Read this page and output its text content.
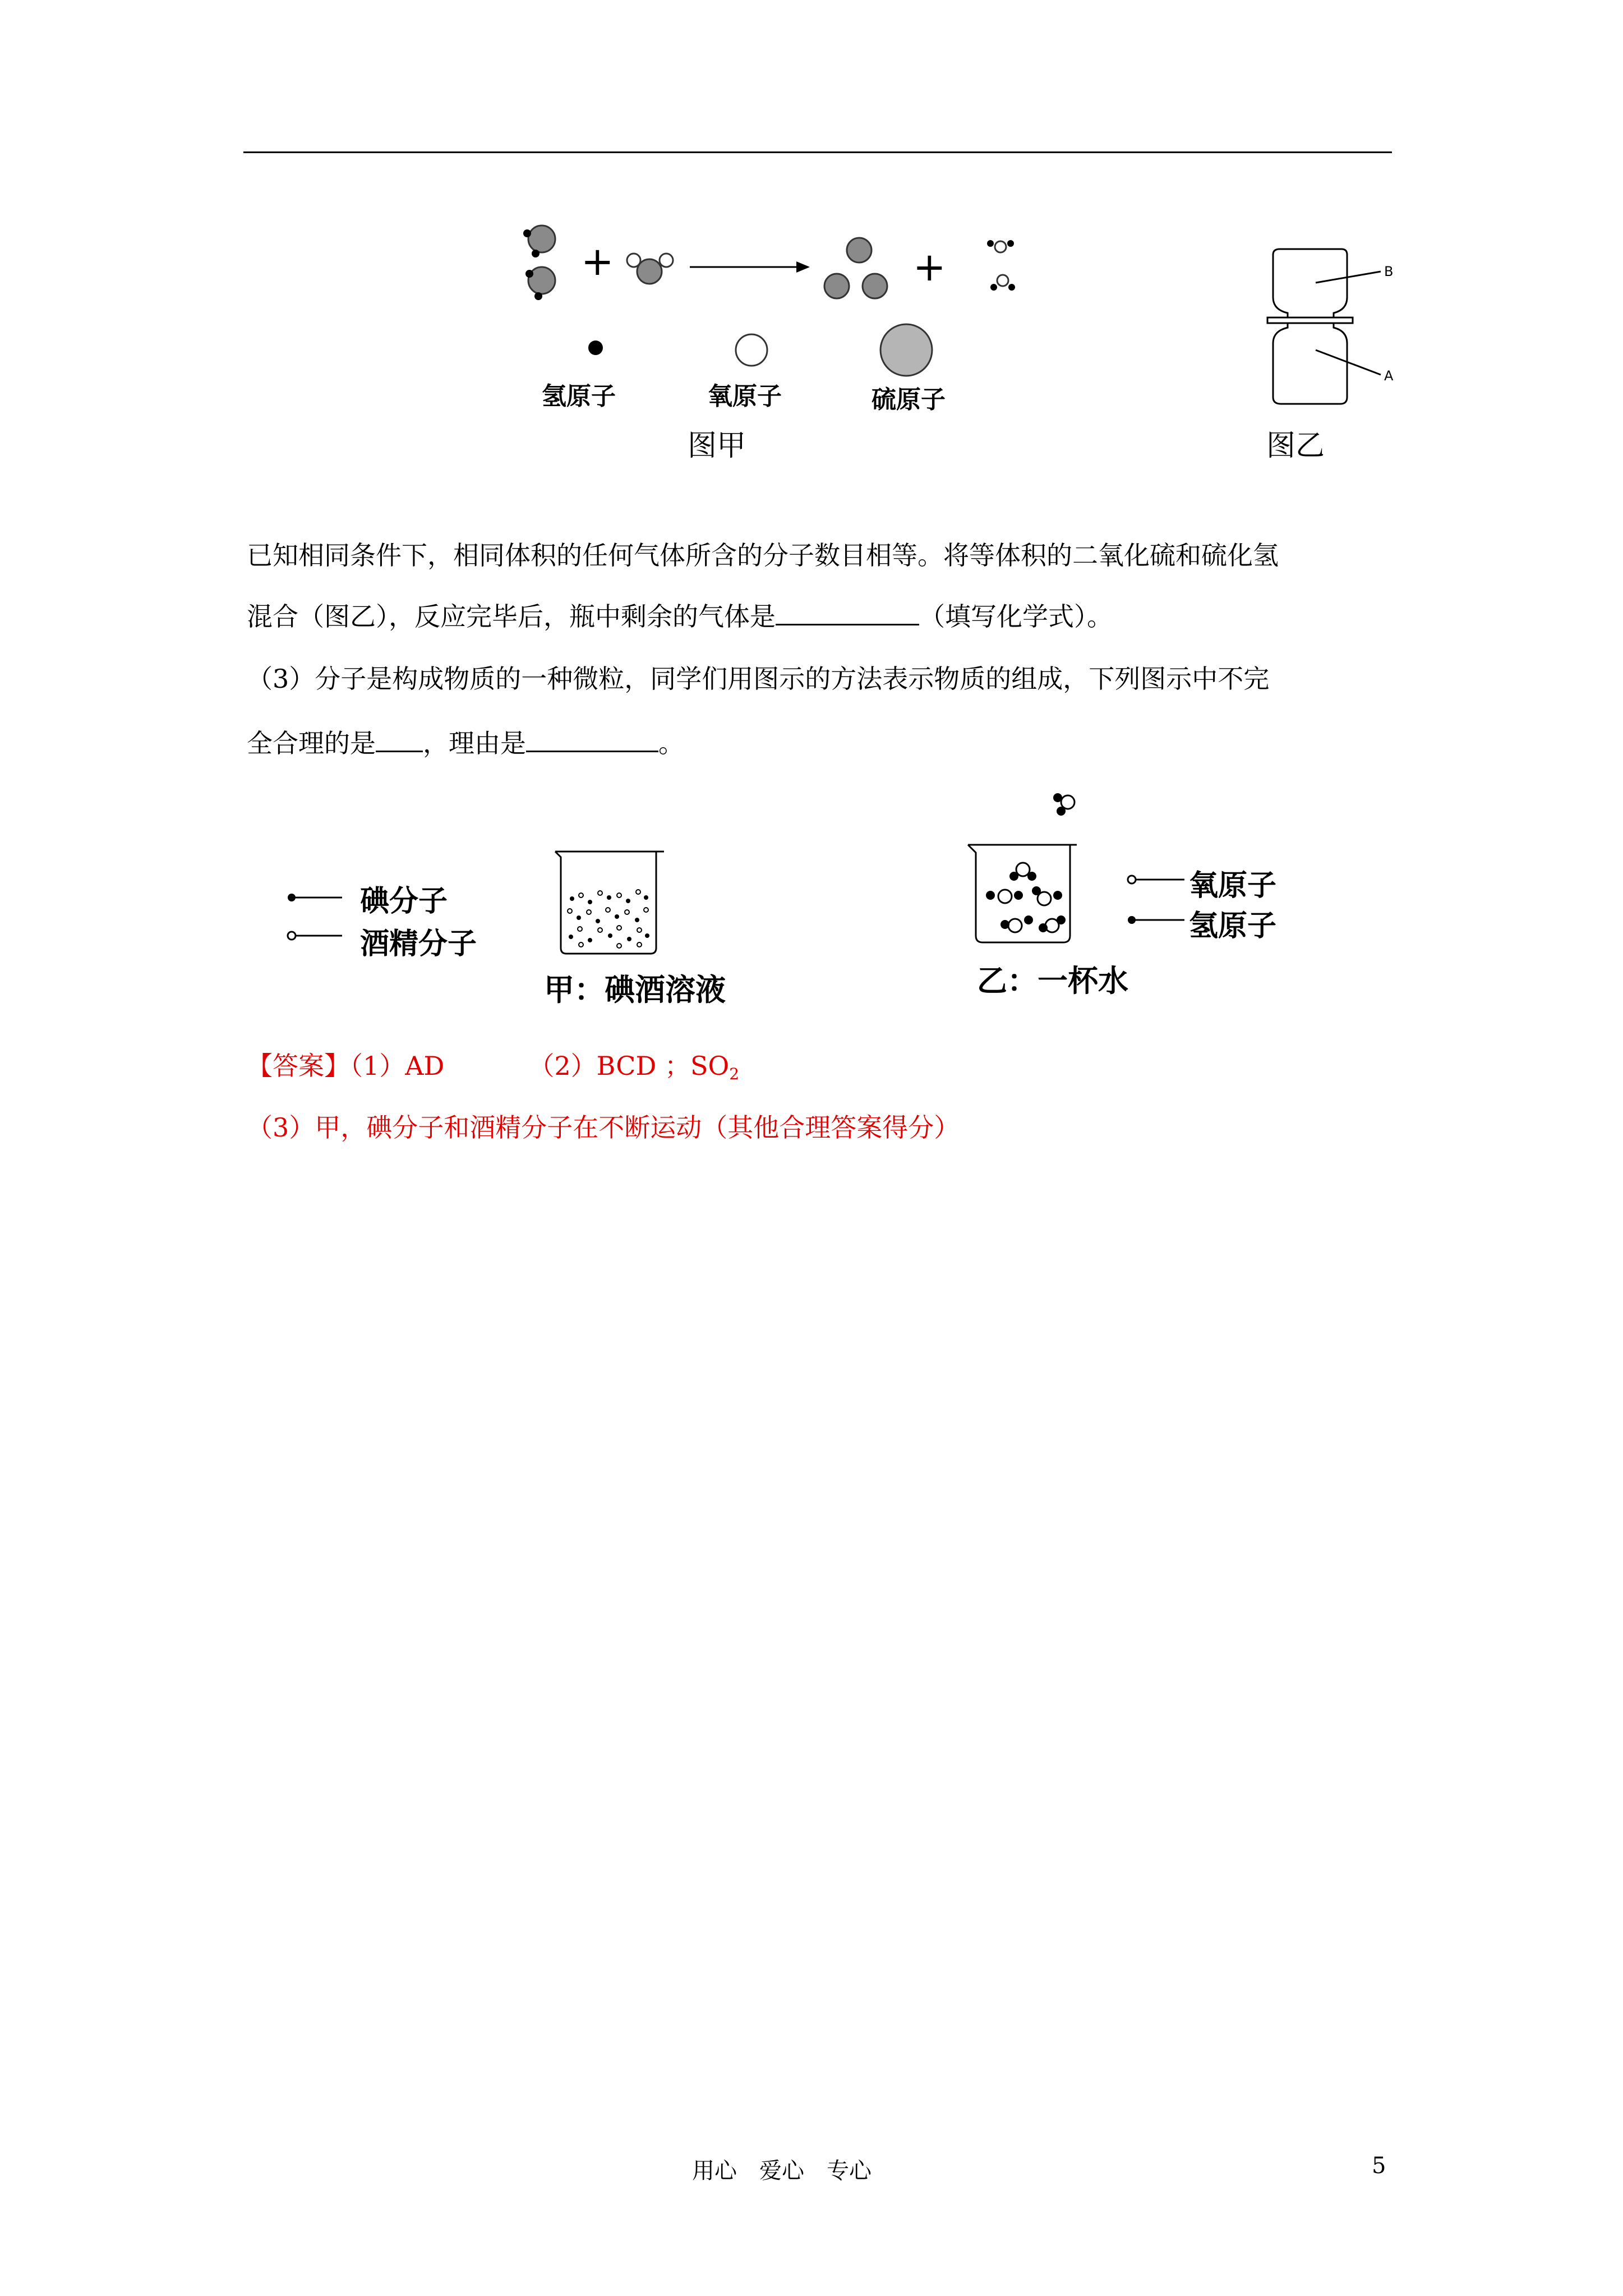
+	+
氢原子	氧原子	硫原子
图甲
B
A
图乙
已知相同条件下，相同体积的任何气体所含的分子数目相等。将等体积的二氧化硫和硫化氢
混合（图乙），反应完毕后，瓶中剩余的气体是	（填写化学式）。
（3）分子是构成物质的一种微粒，同学们用图示的方法表示物质的组成，下列图示中不完
全合理的是 ，理由是	。
碘分子
酒精分子
甲：碘酒溶液
氧原子
氢原子
乙：一杯水
【答案】（1）AD	（2）BCD ；$SO_2$
（3）甲，碘分子和酒精分子在不断运动（其他合理答案得分）
用心　爱心　专心	5
